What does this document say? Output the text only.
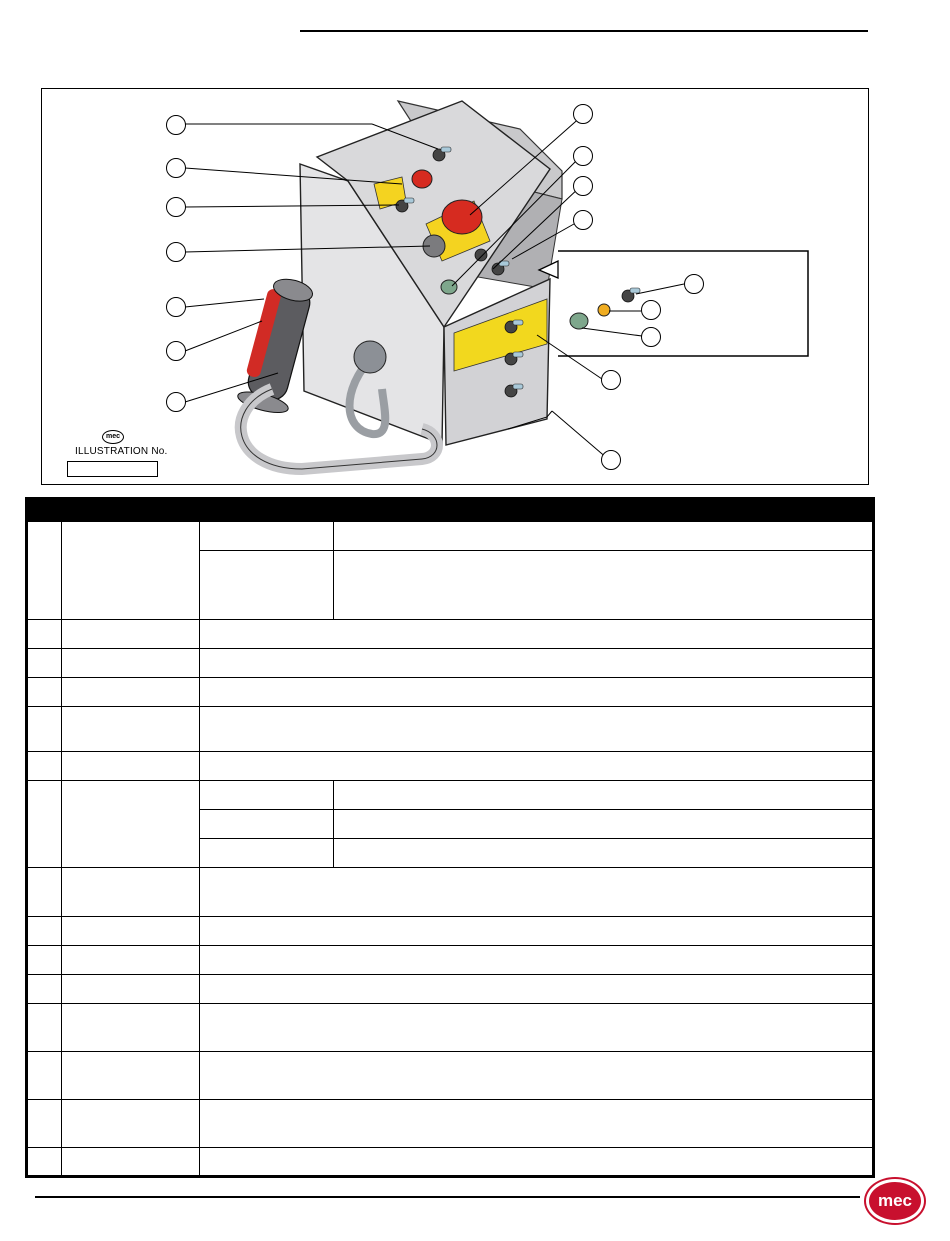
mec
ILLUSTRATION No.

mec
